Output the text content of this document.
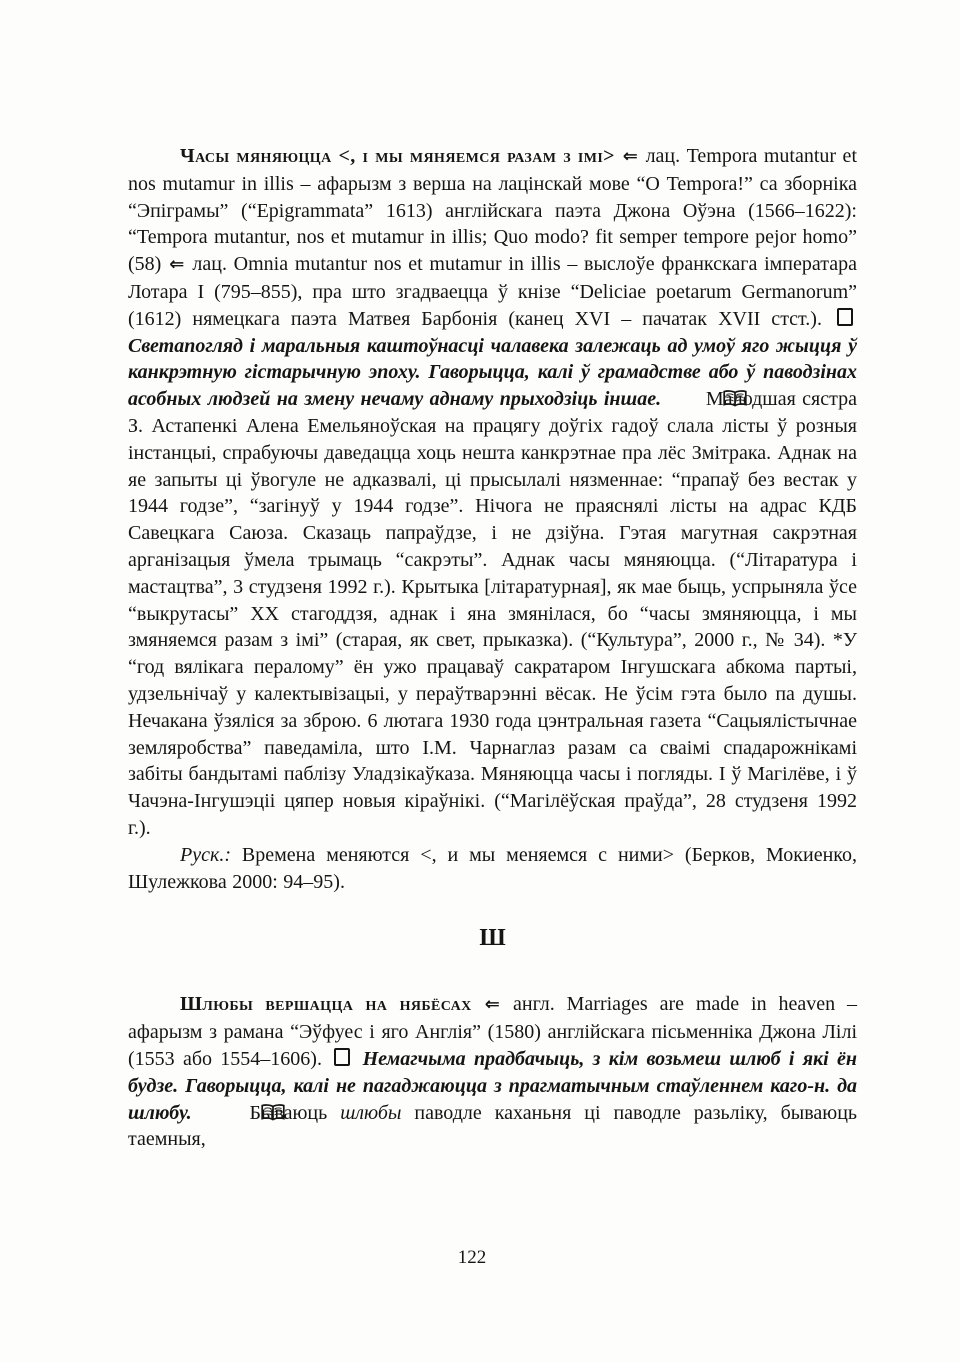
Часы мяняюцца <, і мы мяняемся разам з імі> ⇐ лац. Tempora mutantur et nos mutamur in illis – афарызм з верша на лацінскай мове “О Tempora!” са зборніка “Эпіграмы” (“Epigrammata” 1613) англійскага паэта Джона Оўэна (1566–1622): “Tempora mutantur, nos et mutamur in illis; Quo modo? fit semper tempore pejor homo” (58) ⇐ лац. Omnia mutantur nos et mutamur in illis – выслоўе франкскага імператара Лотара I (795–855), пра што згадваецца ў кнізе “Deliciae poetarum Germanorum” (1612) нямецкага паэта Матвея Барбонія (канец XVI – пачатак XVII стст.).  Светапогляд і маральныя каштоўнасці чалавека залежаць ад умоў яго жыцця ў канкрэтную гістарычную эпоху. Гаворыцца, калі ў грамадстве або ў паводзінах асобных людзей на змену нечаму аднаму прыходзіць іншае.  Малодшая сястра З. Астапенкі Алена Емельяноўская на працягу доўгіх гадоў слала лісты ў розныя інстанцыі, спрабуючы даведацца хоць нешта канкрэтнае пра лёс Змітрака. Аднак на яе запыты ці ўвогуле не адказвалі, ці прысылалі нязменнае: “прапаў без вестак у 1944 годзе”, “загінуў у 1944 годзе”. Нічога не праяснялі лісты на адрас КДБ Савецкага Саюза. Сказаць папраўдзе, і не дзіўна. Гэтая магутная сакрэтная арганізацыя ўмела трымаць “сакрэты”. Аднак часы мяняюцца. (“Літаратура і мастацтва”, 3 студзеня 1992 г.). Крытыка [літаратурная], як мае быць, успрыняла ўсе “выкрутасы” XX стагоддзя, аднак і яна змянілася, бо “часы змяняюцца, і мы змяняемся разам з імі” (старая, як свет, прыказка). (“Культура”, 2000 г., № 34). *У “год вялікага пералому” ён ужо працаваў сакратаром Інгушскага абкома партыі, удзельнічаў у калектывізацыі, у пераўтварэнні вёсак. Не ўсім гэта было па душы. Нечакана ўзяліся за зброю. 6 лютага 1930 года цэнтральная газета “Сацыялістычнае земляробства” паведаміла, што І.М. Чарнаглаз разам са сваімі спадарожнікамі забіты бандытамі паблізу Уладзікаўказа. Мяняюцца часы і погляды. І ў Магілёве, і ў Чачэна-Інгушэціі цяпер новыя кіраўнікі. (“Магілёўская праўда”, 28 студзеня 1992 г.).

Руск.: Времена меняются <, и мы меняемся с ними> (Берков, Мокиенко, Шулежкова 2000: 94–95).

Ш

Шлюбы вершацца на нябёсах ⇐ англ. Marriages are made in heaven – афарызм з рамана “Эўфуес і яго Англія” (1580) англійскага пісьменніка Джона Лілі (1553 або 1554–1606).  Немагчыма прадбачыць, з кім возьмеш шлюб і які ён будзе. Гаворыцца, калі не пагаджаюцца з прагматычным стаўленнем каго-н. да шлюбу.  Бываюць шлюбы паводле каханьня ці паводле разьліку, бываюць таемныя,

122
